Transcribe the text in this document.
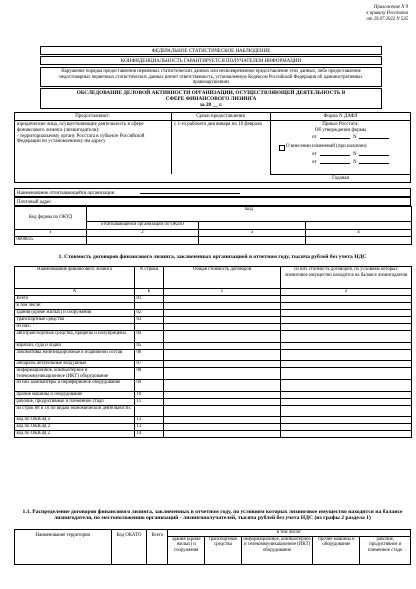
Приложение N 9
к приказу Росстата
от 29.07.2022 N 535
ФЕДЕРАЛЬНОЕ СТАТИСТИЧЕСКОЕ НАБЛЮДЕНИЕ
КОНФИДЕНЦИАЛЬНОСТЬ ГАРАНТИРУЕТСЯ ПОЛУЧАТЕЛЕМ ИНФОРМАЦИИ
Нарушение порядка предоставления первичных статистических данных или несвоевременное предоставление этих данных, либо предоставление недостоверных первичных статистических данных влечет ответственность, установленную Кодексом Российской Федерации об административных правонарушениях
ОБСЛЕДОВАНИЕ ДЕЛОВОЙ АКТИВНОСТИ ОРГАНИЗАЦИИ, ОСУЩЕСТВЛЯЮЩЕЙ ДЕЯТЕЛЬНОСТЬ В СФЕРЕ ФИНАНСОВОГО ЛИЗИНГА
за 20 __ г.
Предоставляют:	Сроки предоставления	Форма N ДАФЛ
юридические лица, осуществляющие деятельность в сфере финансового лизинга (лизингодатели):
- территориальному органу Росстата в субъекте Российской Федерации по установленному им адресу
с 1-го рабочего дня января по 10 февраля	Приказ Росстата:
Об утверждении формы
от	N
О внесении изменений (при наличии)
от	N
от	N
Годовая
Наименование отчитывающейся организации
Почтовый адрес
Код формы по ОКУД	Код		
	отчитывающейся организации по ОКПО		
1	2	3	4
0608035			
1. Стоимость договоров финансового лизинга, заключенных организацией в отчетном году, тысяча рублей без учета НДС
Наименование финансового лизинга	N строки	Общая стоимость договоров	из них стоимость договоров, по условиям которых лизинговое имущество находится на балансе лизингодателя
А	Б	1	2
Всего	01		
в том числе:			
здания (кроме жилых) и сооружения	02		
транспортные средства	03		
из них:			
автотранспортные средства, прицепы и полуприцепы	04		
корабли, суда и лодки	05		
локомотивы железнодорожные и подвижной состав	06		
аппараты летательные воздушные	07		
информационное, компьютерное и телекоммуникационное (ИКТ) оборудование	08		
из них компьютеры и периферийное оборудование	09		
прочие машины и оборудование	10		
рабочие, продуктивные и племенное стадо	11		
из строк 08 и 10 по видам экономической деятельности:			
код по ОКВЭД 2	12		
код по ОКВЭД 2	13		
код по ОКВЭД 2	14		
1.1. Распределение договоров финансового лизинга, заключенных в отчетном году, по условиям которых лизинговое имущество находится на балансе лизингодателя, по местоположению организаций - лизингополучателей, тысяча рублей без учета НДС (из графы 2 раздела 1)
Наименование территории	Код ОКАТО	Всего	в том числе:				
			здания (кроме жилых) и сооружения	транспортные средства	информационное, компьютерное и телекоммуникационное (ИКТ) оборудование	прочие машины и оборудование	рабочие, продуктивное и племенное стадо
